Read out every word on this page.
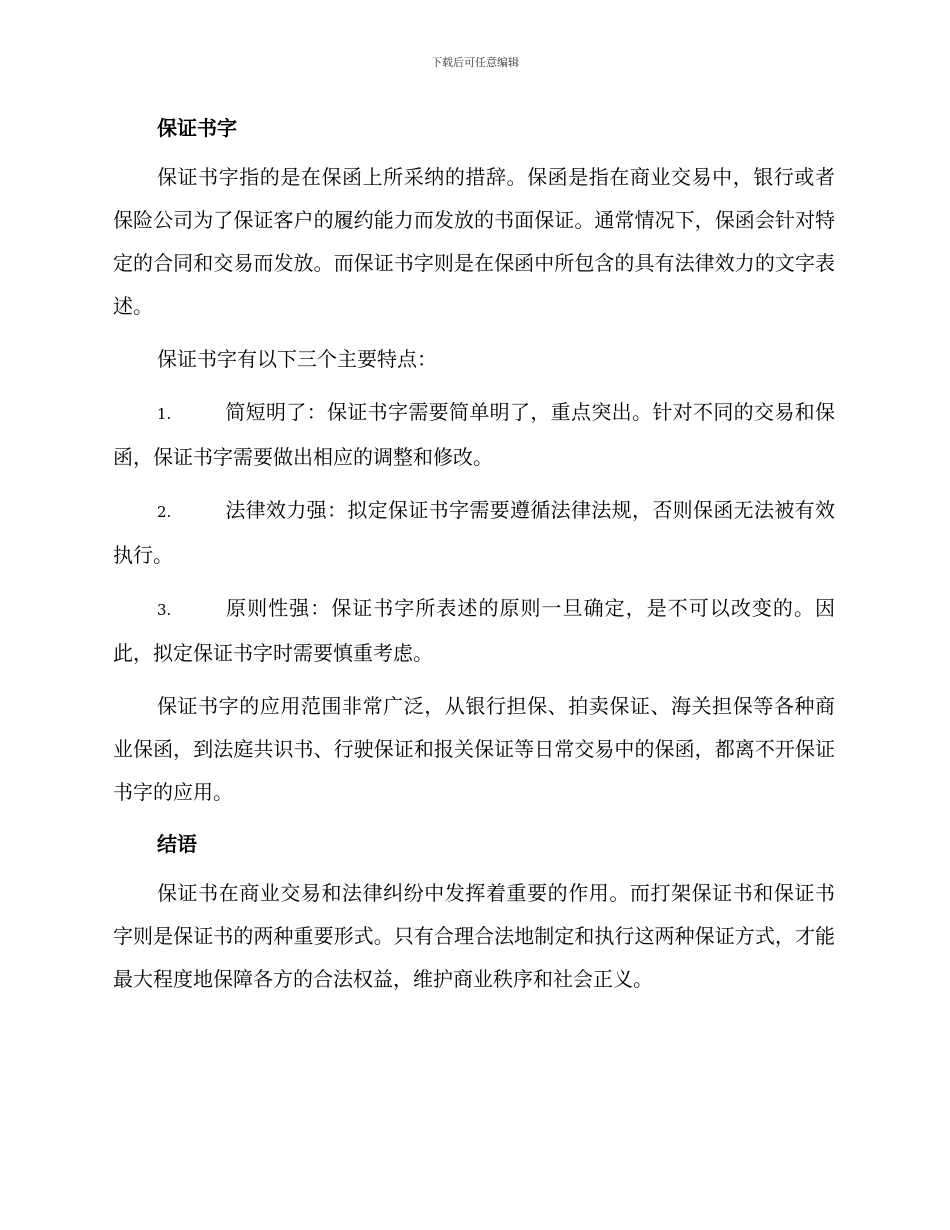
下载后可任意编辑
保证书字

保证书字指的是在保函上所采纳的措辞。保函是指在商业交易中，银行或者保险公司为了保证客户的履约能力而发放的书面保证。通常情况下，保函会针对特定的合同和交易而发放。而保证书字则是在保函中所包含的具有法律效力的文字表述。

保证书字有以下三个主要特点：

1.	简短明了：保证书字需要简单明了，重点突出。针对不同的交易和保函，保证书字需要做出相应的调整和修改。

2.	法律效力强：拟定保证书字需要遵循法律法规，否则保函无法被有效执行。

3.	原则性强：保证书字所表述的原则一旦确定，是不可以改变的。因此，拟定保证书字时需要慎重考虑。

保证书字的应用范围非常广泛，从银行担保、拍卖保证、海关担保等各种商业保函，到法庭共识书、行驶保证和报关保证等日常交易中的保函，都离不开保证书字的应用。

结语

保证书在商业交易和法律纠纷中发挥着重要的作用。而打架保证书和保证书字则是保证书的两种重要形式。只有合理合法地制定和执行这两种保证方式，才能最大程度地保障各方的合法权益，维护商业秩序和社会正义。
